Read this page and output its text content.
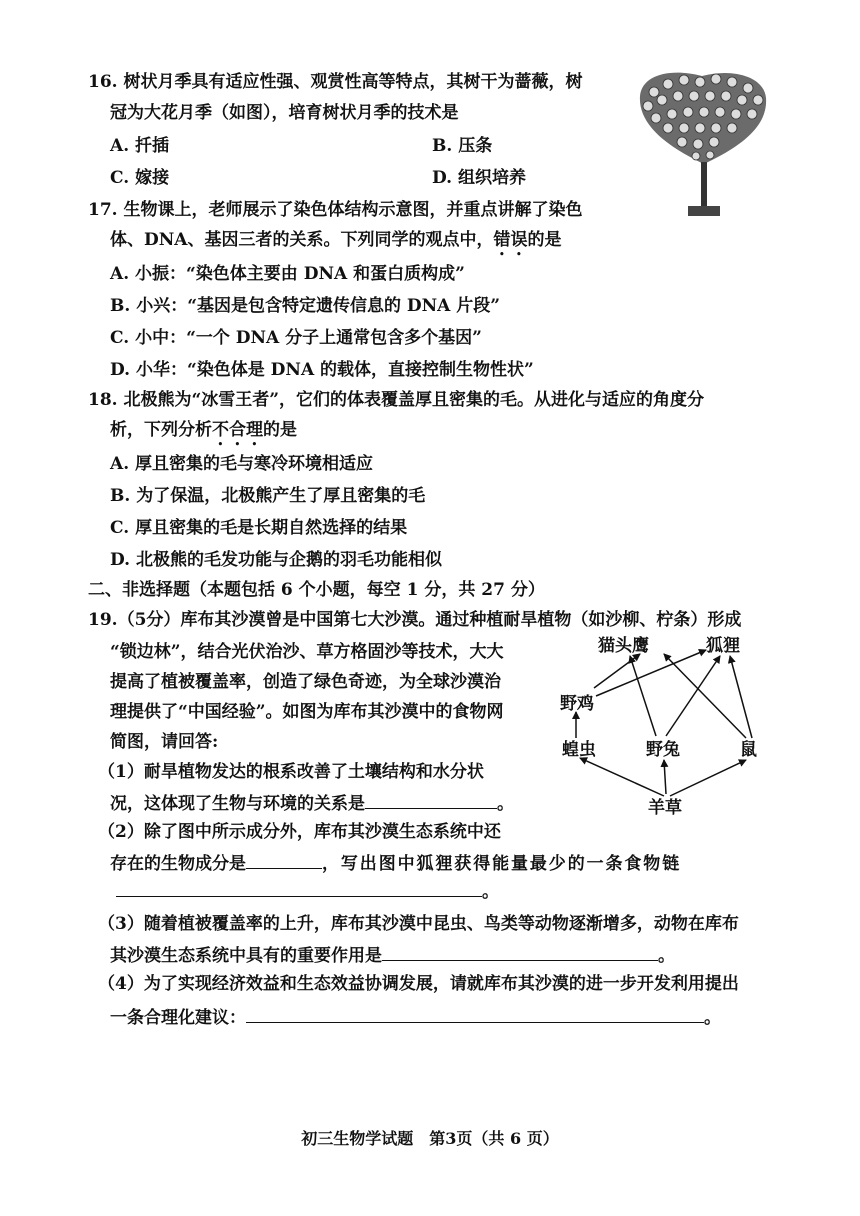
16. 树状月季具有适应性强、观赏性高等特点，其树干为蔷薇，树
冠为大花月季（如图），培育树状月季的技术是
A. 扦插	B. 压条
C. 嫁接	D. 组织培养
17. 生物课上，老师展示了染色体结构示意图，并重点讲解了染色
体、DNA、基因三者的关系。下列同学的观点中，错误的是
A. 小振：“染色体主要由 DNA 和蛋白质构成”
B. 小兴：“基因是包含特定遗传信息的 DNA 片段”
C. 小中：“一个 DNA 分子上通常包含多个基因”
D. 小华：“染色体是 DNA 的载体，直接控制生物性状”
18. 北极熊为“冰雪王者”，它们的体表覆盖厚且密集的毛。从进化与适应的角度分
析，下列分析不合理的是
A. 厚且密集的毛与寒冷环境相适应
B. 为了保温，北极熊产生了厚且密集的毛
C. 厚且密集的毛是长期自然选择的结果
D. 北极熊的毛发功能与企鹅的羽毛功能相似
二、非选择题（本题包括 6 个小题，每空 1 分，共 27 分）
19.（5分）库布其沙漠曾是中国第七大沙漠。通过种植耐旱植物（如沙柳、柠条）形成
“锁边林”，结合光伏治沙、草方格固沙等技术，大大
提高了植被覆盖率，创造了绿色奇迹，为全球沙漠治
理提供了“中国经验”。如图为库布其沙漠中的食物网
简图，请回答:
（1）耐旱植物发达的根系改善了土壤结构和水分状
况，这体现了生物与环境的关系是	。
（2）除了图中所示成分外，库布其沙漠生态系统中还
存在的生物成分是	，写出图中狐狸获得能量最少的一条食物链
。
（3）随着植被覆盖率的上升，库布其沙漠中昆虫、鸟类等动物逐渐增多，动物在库布
其沙漠生态系统中具有的重要作用是	。
（4）为了实现经济效益和生态效益协调发展，请就库布其沙漠的进一步开发利用提出
一条合理化建议：	。
猫头鹰	狐狸
野鸡
蝗虫	野兔	鼠
羊草
初三生物学试题　第3页（共 6 页）
